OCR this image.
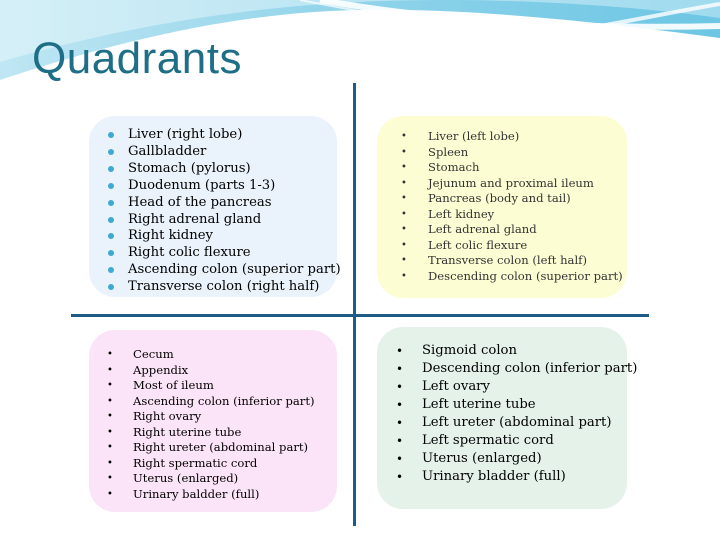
Quadrants
Liver (right lobe)
Gallbladder
Stomach (pylorus)
Duodenum (parts 1-3)
Head of the pancreas
Right adrenal gland
Right kidney
Right colic flexure
Ascending colon (superior part)
Transverse colon (right half)
• Liver (left lobe)
• Spleen
• Stomach
• Jejunum and proximal ileum
• Pancreas (body and tail)
• Left kidney
• Left adrenal gland
• Left colic flexure
• Transverse colon (left half)
• Descending colon (superior part)
• Cecum
• Appendix
• Most of ileum
• Ascending colon (inferior part)
• Right ovary
• Right uterine tube
• Right ureter (abdominal part)
• Right spermatic cord
• Uterus (enlarged)
• Urinary baldder (full)
• Sigmoid colon
• Descending colon (inferior part)
• Left ovary
• Left uterine tube
• Left ureter (abdominal part)
• Left spermatic cord
• Uterus (enlarged)
• Urinary bladder (full)
